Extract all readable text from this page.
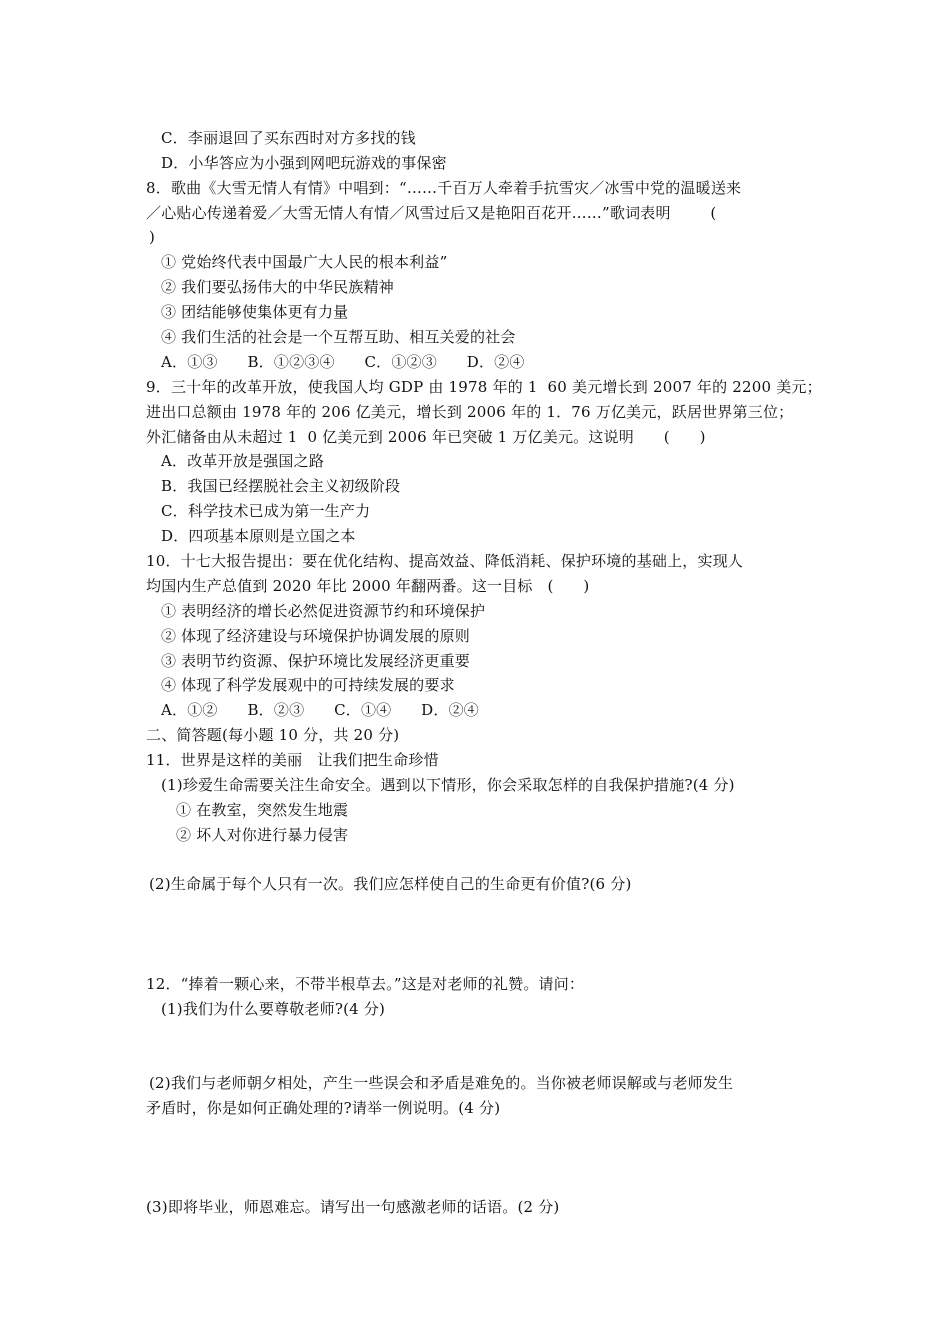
C．李丽退回了买东西时对方多找的钱
D．小华答应为小强到网吧玩游戏的事保密
8．歌曲《大雪无情人有情》中唱到：“……千百万人牵着手抗雪灾／冰雪中党的温暖送来
／心贴心传递着爱／大雪无情人有情／风雪过后又是艳阳百花开……”歌词表明        (
)
① 党始终代表中国最广大人民的根本利益”
② 我们要弘扬伟大的中华民族精神
③ 团结能够使集体更有力量
④ 我们生活的社会是一个互帮互助、相互关爱的社会
A．①③      B．①②③④      C．①②③      D．②④
9．三十年的改革开放，使我国人均 GDP 由 1978 年的 1  60 美元增长到 2007 年的 2200 美元；
进出口总额由 1978 年的 206 亿美元，增长到 2006 年的 1．76 万亿美元，跃居世界第三位；
外汇储备由从未超过 1  0 亿美元到 2006 年已突破 1 万亿美元。这说明      (      )
A．改革开放是强国之路
B．我国已经摆脱社会主义初级阶段
C．科学技术已成为第一生产力
D．四项基本原则是立国之本
10．十七大报告提出：要在优化结构、提高效益、降低消耗、保护环境的基础上，实现人
均国内生产总值到 2020 年比 2000 年翻两番。这一目标   (      )
① 表明经济的增长必然促进资源节约和环境保护
② 体现了经济建设与环境保护协调发展的原则
③ 表明节约资源、保护环境比发展经济更重要
④ 体现了科学发展观中的可持续发展的要求
A．①②      B．②③      C．①④      D．②④
二、简答题(每小题 10 分，共 20 分)
11．世界是这样的美丽   让我们把生命珍惜
(1)珍爱生命需要关注生命安全。遇到以下情形，你会采取怎样的自我保护措施?(4 分)
① 在教室，突然发生地震
② 坏人对你进行暴力侵害
(2)生命属于每个人只有一次。我们应怎样使自己的生命更有价值?(6 分)
12．“捧着一颗心来，不带半根草去。”这是对老师的礼赞。请问：
(1)我们为什么要尊敬老师?(4 分)
(2)我们与老师朝夕相处，产生一些误会和矛盾是难免的。当你被老师误解或与老师发生
矛盾时，你是如何正确处理的?请举一例说明。(4 分)
(3)即将毕业，师恩难忘。请写出一句感激老师的话语。(2 分)
